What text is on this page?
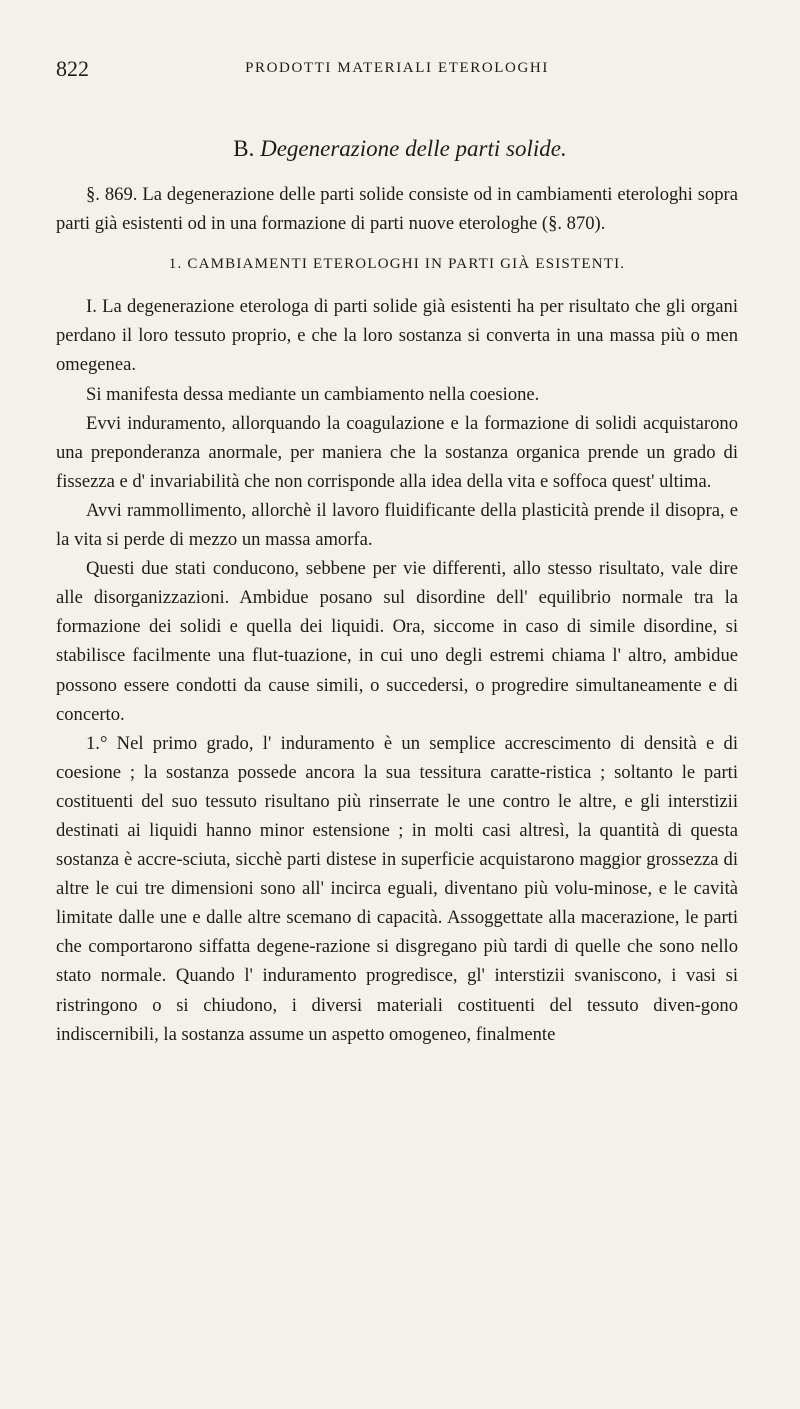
822	PRODOTTI MATERIALI ETEROLOGHI
B. Degenerazione delle parti solide.

§. 869. La degenerazione delle parti solide consiste od in cambiamenti eterologhi sopra parti già esistenti od in una formazione di parti nuove eterologhe (§. 870).

1. CAMBIAMENTI ETEROLOGHI IN PARTI GIÀ ESISTENTI.

I. La degenerazione eterologa di parti solide già esistenti ha per risultato che gli organi perdano il loro tessuto proprio, e che la loro sostanza si converta in una massa più o men omegenea.

Si manifesta dessa mediante un cambiamento nella coesione.

Evvi induramento, allorquando la coagulazione e la formazione di solidi acquistarono una preponderanza anormale, per maniera che la sostanza organica prende un grado di fissezza e d' invariabilità che non corrisponde alla idea della vita e soffoca quest' ultima.

Avvi rammollimento, allorchè il lavoro fluidificante della plasticità prende il disopra, e la vita si perde di mezzo un massa amorfa.

Questi due stati conducono, sebbene per vie differenti, allo stesso risultato, vale dire alle disorganizzazioni. Ambidue posano sul disordine dell' equilibrio normale tra la formazione dei solidi e quella dei liquidi. Ora, siccome in caso di simile disordine, si stabilisce facilmente una flut-tuazione, in cui uno degli estremi chiama l' altro, ambidue possono essere condotti da cause simili, o succedersi, o progredire simultaneamente e di concerto.

1.° Nel primo grado, l' induramento è un semplice accrescimento di densità e di coesione ; la sostanza possede ancora la sua tessitura caratte-ristica ; soltanto le parti costituenti del suo tessuto risultano più rinserrate le une contro le altre, e gli interstizii destinati ai liquidi hanno minor estensione ; in molti casi altresì, la quantità di questa sostanza è accre-sciuta, sicchè parti distese in superficie acquistarono maggior grossezza di altre le cui tre dimensioni sono all' incirca eguali, diventano più volu-minose, e le cavità limitate dalle une e dalle altre scemano di capacità. Assoggettate alla macerazione, le parti che comportarono siffatta degene-razione si disgregano più tardi di quelle che sono nello stato normale. Quando l' induramento progredisce, gl' interstizii svaniscono, i vasi si ristringono o si chiudono, i diversi materiali costituenti del tessuto diven-gono indiscernibili, la sostanza assume un aspetto omogeneo, finalmente
